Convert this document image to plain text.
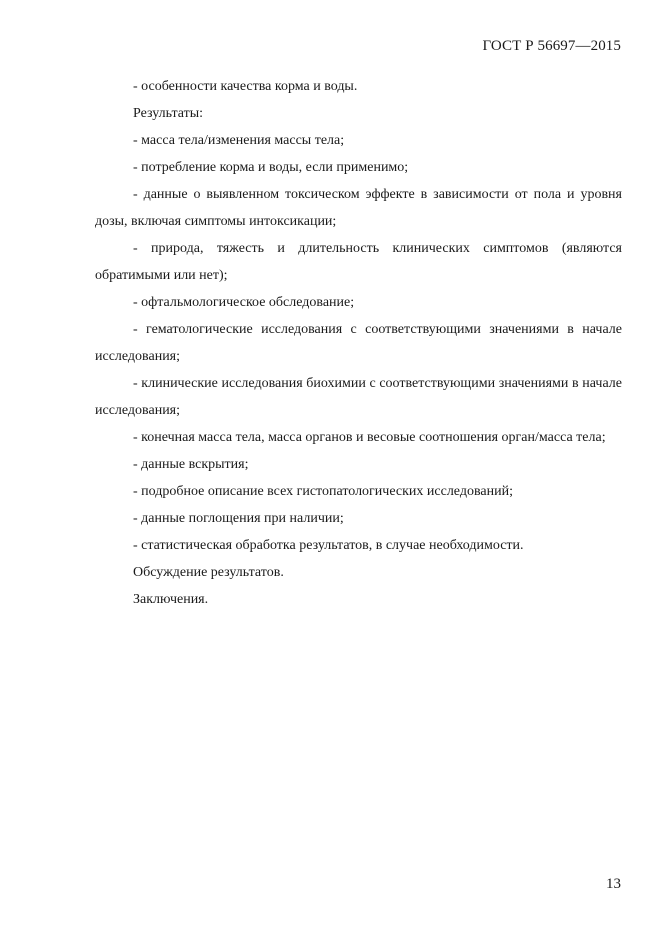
ГОСТ Р 56697—2015

- особенности качества корма и воды.

Результаты:

- масса тела/изменения массы тела;

- потребление корма и воды, если применимо;

- данные о выявленном токсическом эффекте в зависимости от пола и уровня дозы, включая симптомы интоксикации;

- природа, тяжесть и длительность клинических симптомов (являются обратимыми или нет);

- офтальмологическое обследование;

- гематологические исследования с соответствующими значениями в начале исследования;

- клинические исследования биохимии с соответствующими значениями в начале исследования;

- конечная масса тела, масса органов и весовые соотношения орган/масса тела;

- данные вскрытия;

- подробное описание всех гистопатологических исследований;

- данные поглощения при наличии;

- статистическая обработка результатов, в случае необходимости.

Обсуждение результатов.

Заключения.

13
